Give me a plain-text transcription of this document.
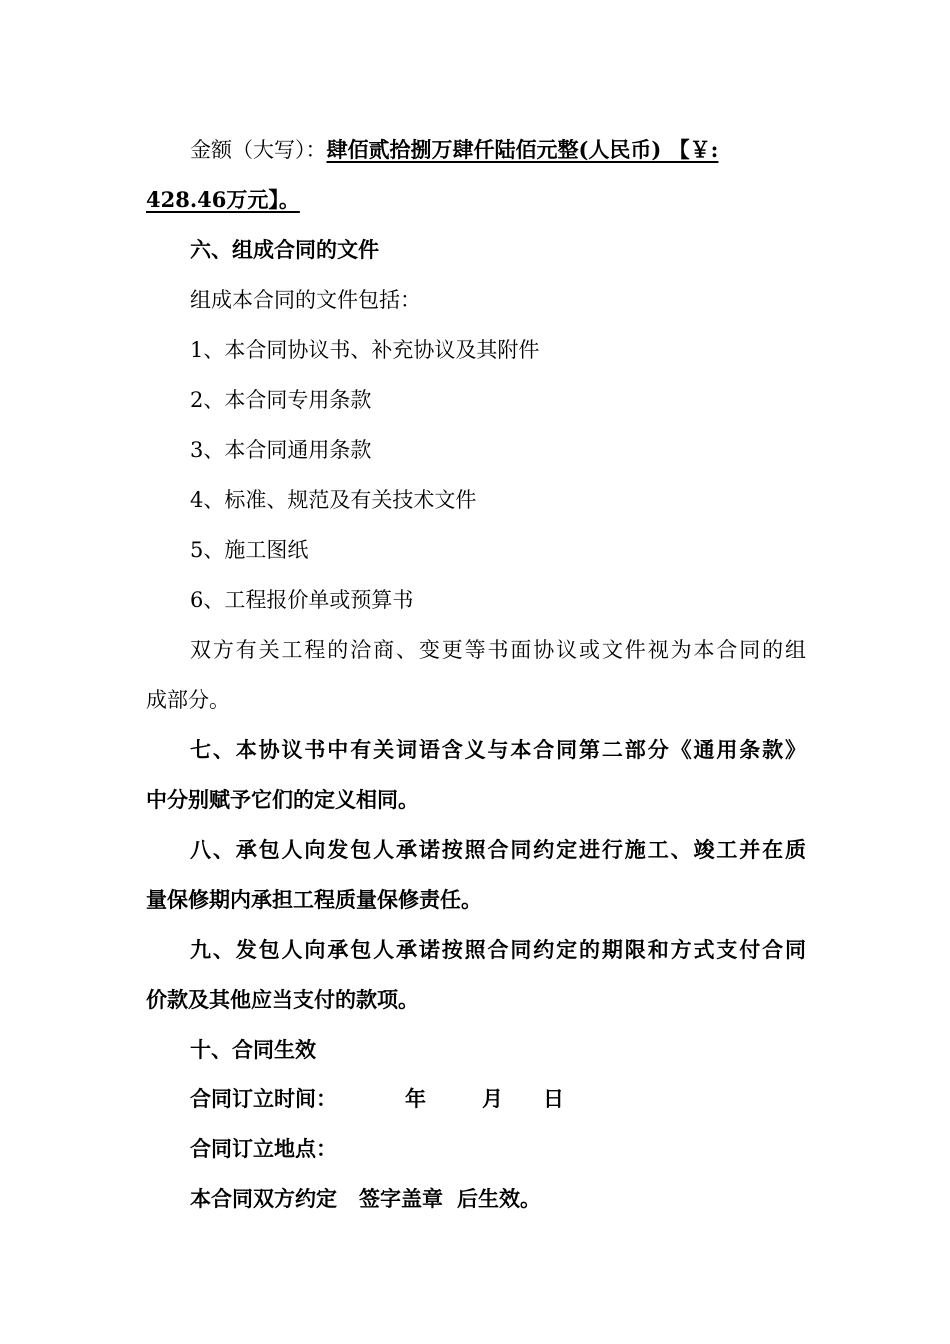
金额（大写）：肆佰贰拾捌万肆仟陆佰元整(人民币) 【￥:
428.46万元】。
六、组成合同的文件
组成本合同的文件包括：
1、本合同协议书、补充协议及其附件
2、本合同专用条款
3、本合同通用条款
4、标准、规范及有关技术文件
5、施工图纸
6、工程报价单或预算书
双方有关工程的洽商、变更等书面协议或文件视为本合同的组
成部分。
七、本协议书中有关词语含义与本合同第二部分《通用条款》
中分别赋予它们的定义相同。
八、承包人向发包人承诺按照合同约定进行施工、竣工并在质
量保修期内承担工程质量保修责任。
九、发包人向承包人承诺按照合同约定的期限和方式支付合同
价款及其他应当支付的款项。
十、合同生效
合同订立时间：	年	月 日
合同订立地点：
本合同双方约定 签字盖章 后生效。
